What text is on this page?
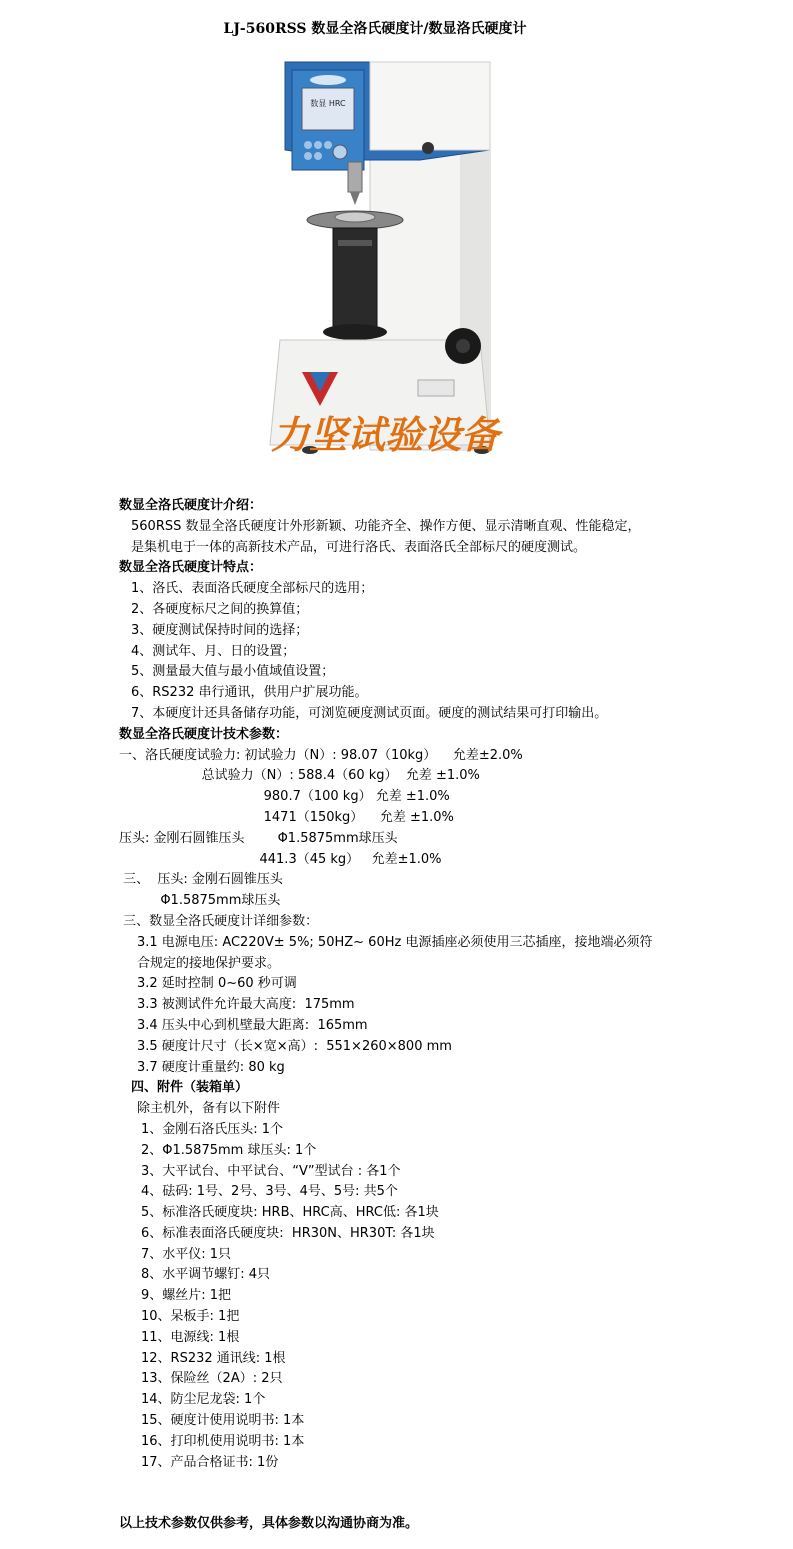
LJ-560RSS 数显全洛氏硬度计/数显洛氏硬度计
数显 HRC
力坚试验设备
数显全洛氏硬度计介绍：
560RSS 数显全洛氏硬度计外形新颖、功能齐全、操作方便、显示清晰直观、性能稳定，
是集机电于一体的高新技术产品，可进行洛氏、表面洛氏全部标尺的硬度测试。
数显全洛氏硬度计特点：
1、洛氏、表面洛氏硬度全部标尺的选用；
2、各硬度标尺之间的换算值；
3、硬度测试保持时间的选择；
4、测试年、月、日的设置；
5、测量最大值与最小值域值设置；
6、RS232 串行通讯，供用户扩展功能。
7、本硬度计还具备储存功能，可浏览硬度测试页面。硬度的测试结果可打印输出。
数显全洛氏硬度计技术参数：
一、洛氏硬度试验力: 初试验力（N）: 98.07（10kg）    允差±2.0%
总试验力（N）: 588.4（60 kg）  允差 ±1.0%
980.7（100 kg） 允差 ±1.0%
1471（150kg）    允差 ±1.0%
压头: 金刚石圆锥压头        Φ1.5875mm球压头
441.3（45 kg）   允差±1.0%
三、  压头: 金刚石圆锥压头
Φ1.5875mm球压头
三、数显全洛氏硬度计详细参数：
3.1 电源电压: AC220V± 5%; 50HZ~ 60Hz 电源插座必须使用三芯插座，接地端必须符
合规定的接地保护要求。
3.2 延时控制 0~60 秒可调
3.3 被测试件允许最大高度:  175mm
3.4 压头中心到机壁最大距离:  165mm
3.5 硬度计尺寸（长×宽×高）:  551×260×800 mm
3.7 硬度计重量约: 80 kg
四、附件（装箱单）
除主机外，备有以下附件
1、金刚石洛氏压头: 1个
2、Φ1.5875mm 球压头: 1个
3、大平试台、中平试台、“V”型试台 : 各1个
4、砝码: 1号、2号、3号、4号、5号: 共5个
5、标准洛氏硬度块: HRB、HRC高、HRC低: 各1块
6、标准表面洛氏硬度块:  HR30N、HR30T: 各1块
7、水平仪: 1只
8、水平调节螺钉: 4只
9、螺丝片: 1把
10、呆板手: 1把
11、电源线: 1根
12、RS232 通讯线: 1根
13、保险丝（2A）: 2只
14、防尘尼龙袋: 1个
15、硬度计使用说明书: 1本
16、打印机使用说明书: 1本
17、产品合格证书: 1份
以上技术参数仅供参考，具体参数以沟通协商为准。
